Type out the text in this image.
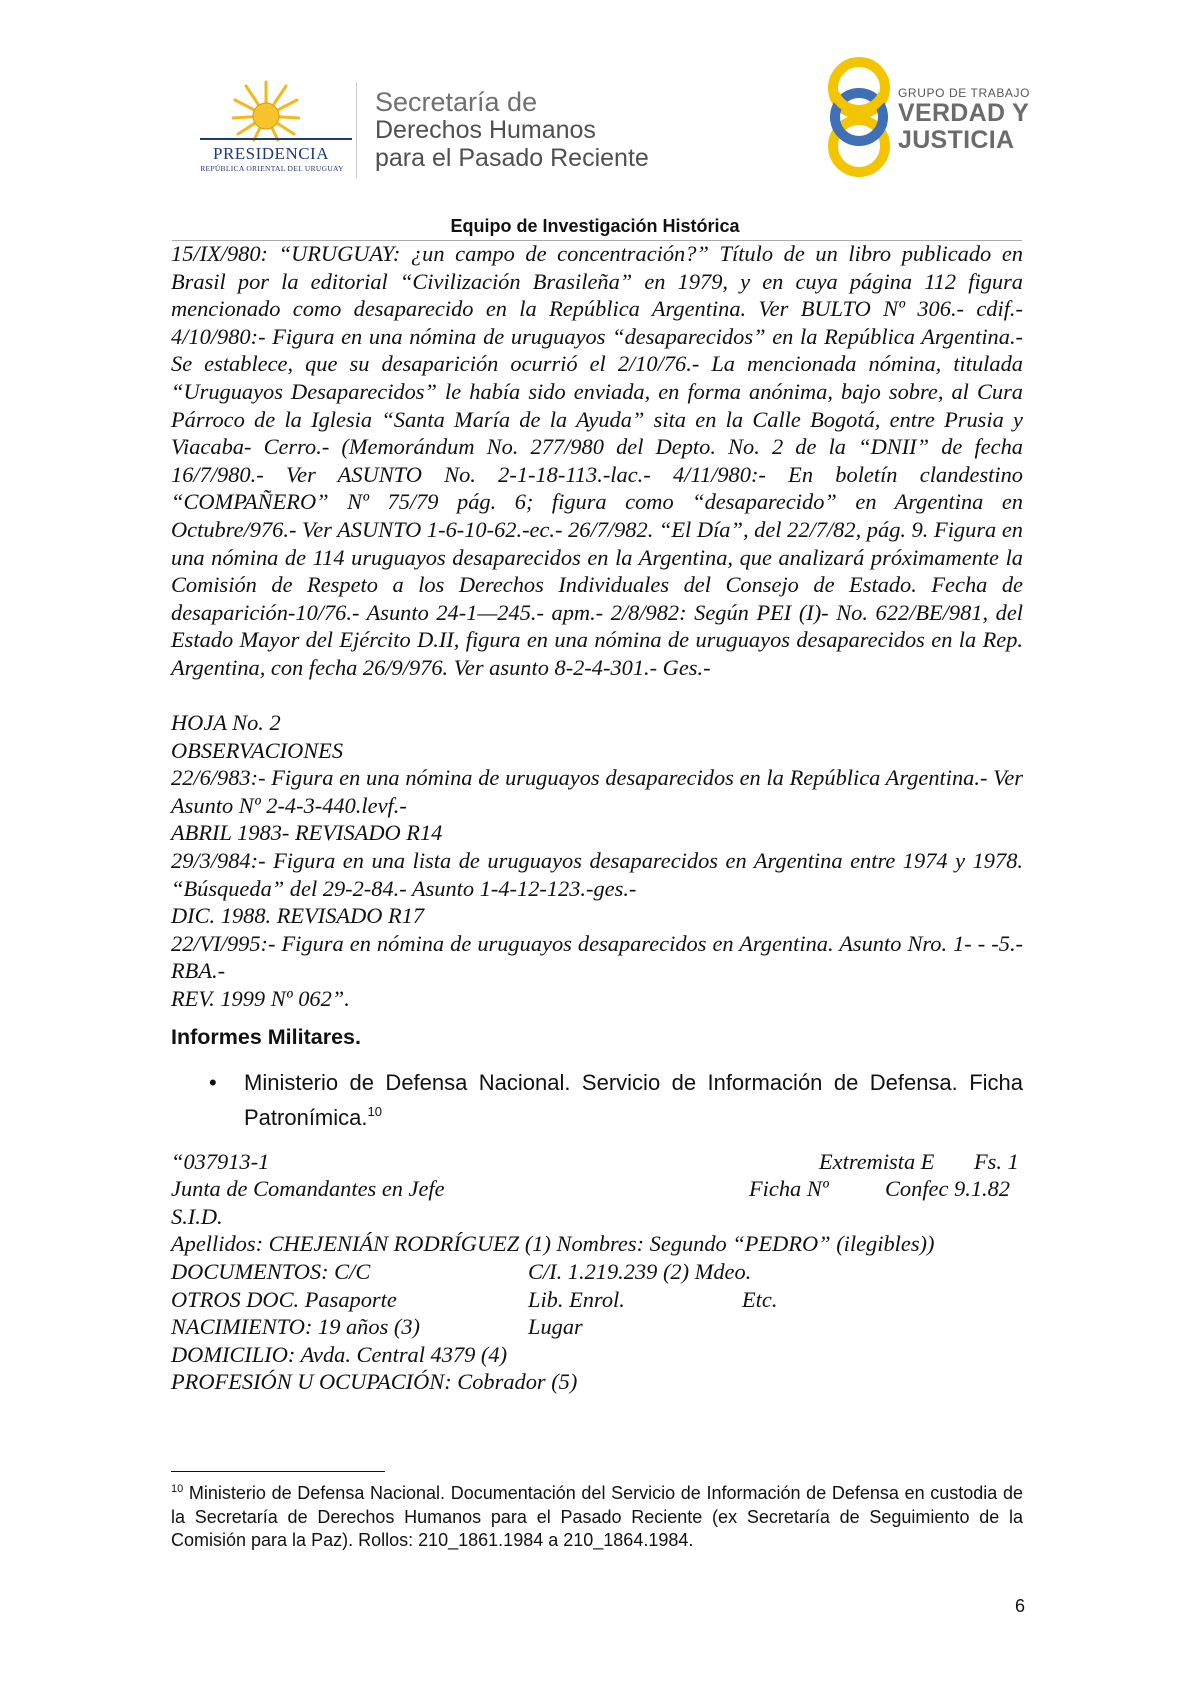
PRESIDENCIA
REPÚBLICA ORIENTAL DEL URUGUAY
Secretaría de
Derechos Humanos
para el Pasado Reciente
GRUPO DE TRABAJO
VERDAD Y
JUSTICIA
Equipo de Investigación Histórica

15/IX/980: “URUGUAY: ¿un campo de concentración?” Título de un libro publicado en Brasil por la editorial “Civilización Brasileña” en 1979, y en cuya página 112 figura mencionado como desaparecido en la República Argentina. Ver BULTO Nº 306.- cdif.- 4/10/980:- Figura en una nómina de uruguayos “desaparecidos” en la República Argentina.- Se establece, que su desaparición ocurrió el 2/10/76.- La mencionada nómina, titulada “Uruguayos Desaparecidos” le había sido enviada, en forma anónima, bajo sobre, al Cura Párroco de la Iglesia “Santa María de la Ayuda” sita en la Calle Bogotá, entre Prusia y Viacaba- Cerro.- (Memorándum No. 277/980 del Depto. No. 2 de la “DNII” de fecha 16/7/980.- Ver ASUNTO No. 2-1-18-113.-lac.- 4/11/980:- En boletín clandestino “COMPAÑERO” Nº 75/79 pág. 6; figura como “desaparecido” en Argentina en Octubre/976.- Ver ASUNTO 1-6-10-62.-ec.- 26/7/982. “El Día”, del 22/7/82, pág. 9. Figura en una nómina de 114 uruguayos desaparecidos en la Argentina, que analizará próximamente la Comisión de Respeto a los Derechos Individuales del Consejo de Estado. Fecha de desaparición-10/76.- Asunto 24-1—245.- apm.- 2/8/982: Según PEI (I)- No. 622/BE/981, del Estado Mayor del Ejército D.II, figura en una nómina de uruguayos desaparecidos en la Rep. Argentina, con fecha 26/9/976. Ver asunto 8-2-4-301.- Ges.-

HOJA No. 2

OBSERVACIONES

22/6/983:- Figura en una nómina de uruguayos desaparecidos en la República Argentina.- Ver Asunto Nº 2-4-3-440.levf.-

ABRIL 1983- REVISADO R14

29/3/984:- Figura en una lista de uruguayos desaparecidos en Argentina entre 1974 y 1978. “Búsqueda” del 29-2-84.- Asunto 1-4-12-123.-ges.-

DIC. 1988. REVISADO R17

22/VI/995:- Figura en nómina de uruguayos desaparecidos en Argentina. Asunto Nro. 1- - -5.- RBA.-

REV. 1999 Nº 062”.

Informes Militares.
• Ministerio de Defensa Nacional. Servicio de Información de Defensa. Ficha Patronímica.$^{10}$
“037913-1	Extremista E Fs. 1
Junta de Comandantes en Jefe	Ficha Nº	Confec 9.1.82
S.I.D.
Apellidos: CHEJENIÁN RODRÍGUEZ (1) Nombres: Segundo “PEDRO” (ilegibles))
DOCUMENTOS: C/C	C/I. 1.219.239 (2) Mdeo.
OTROS DOC. Pasaporte	Lib. Enrol.	Etc.
NACIMIENTO: 19 años (3)	Lugar
DOMICILIO: Avda. Central 4379 (4)
PROFESIÓN U OCUPACIÓN: Cobrador (5)
$^{10}$ Ministerio de Defensa Nacional. Documentación del Servicio de Información de Defensa en custodia de la Secretaría de Derechos Humanos para el Pasado Reciente (ex Secretaría de Seguimiento de la Comisión para la Paz). Rollos: 210_1861.1984 a 210_1864.1984.
6
